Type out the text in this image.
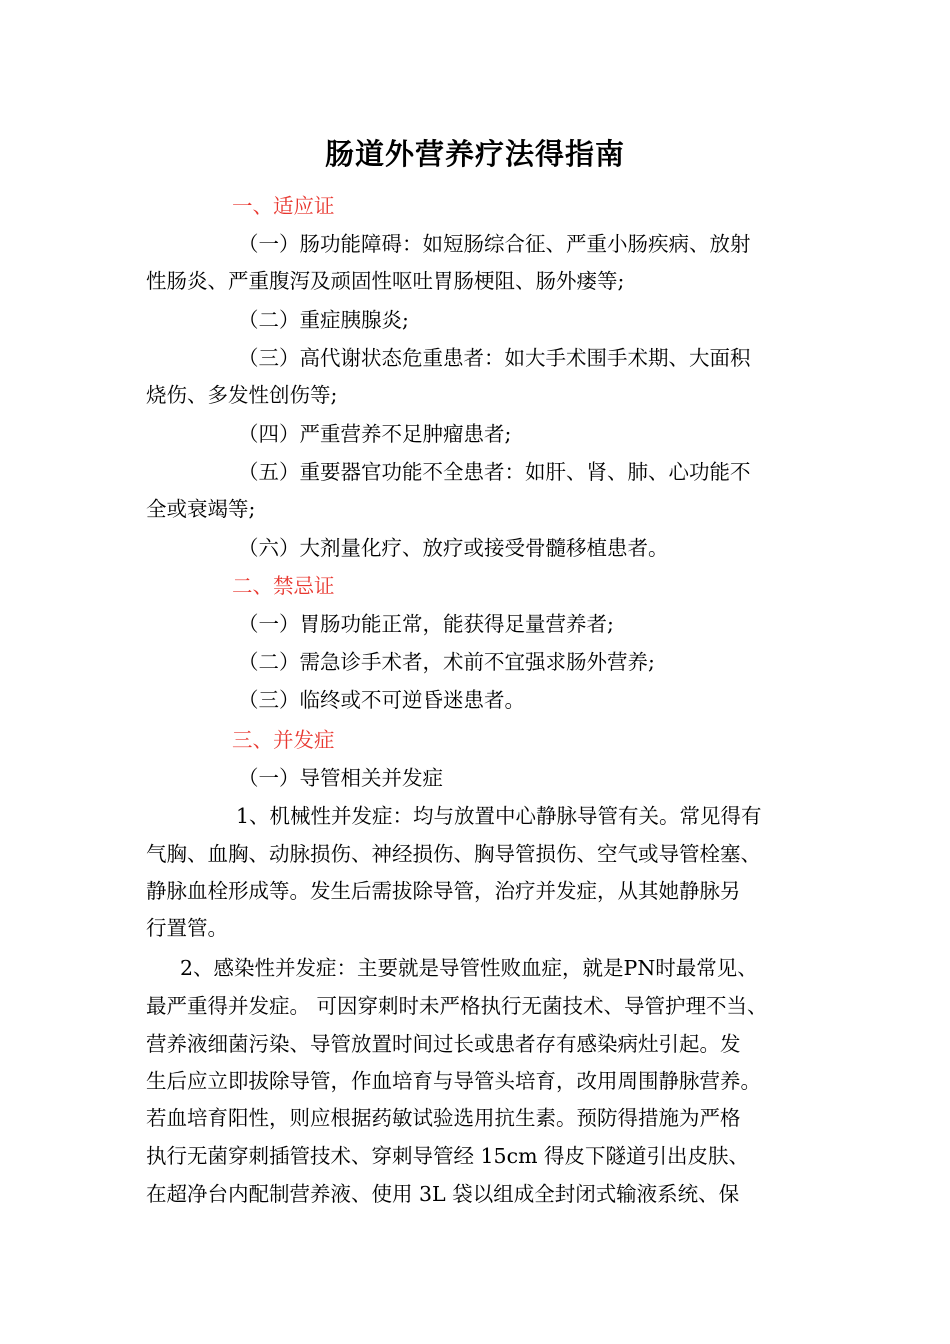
肠道外营养疗法得指南
一、适应证
（一）肠功能障碍：如短肠综合征、严重小肠疾病、放射
性肠炎、严重腹泻及顽固性呕吐胃肠梗阻、肠外瘘等;
（二）重症胰腺炎;
（三）高代谢状态危重患者：如大手术围手术期、大面积
烧伤、多发性创伤等;
（四）严重营养不足肿瘤患者;
（五）重要器官功能不全患者：如肝、肾、肺、心功能不
全或衰竭等;
（六）大剂量化疗、放疗或接受骨髓移植患者。
二、禁忌证
（一）胃肠功能正常，能获得足量营养者;
（二）需急诊手术者，术前不宜强求肠外营养;
（三）临终或不可逆昏迷患者。
三、并发症
（一）导管相关并发症
1、机械性并发症：均与放置中心静脉导管有关。常见得有
气胸、血胸、动脉损伤、神经损伤、胸导管损伤、空气或导管栓塞、
静脉血栓形成等。发生后需拔除导管，治疗并发症，从其她静脉另
行置管。
2、感染性并发症：主要就是导管性败血症，就是PN时最常见、
最严重得并发症。 可因穿刺时未严格执行无菌技术、导管护理不当、
营养液细菌污染、导管放置时间过长或患者存有感染病灶引起。发
生后应立即拔除导管，作血培育与导管头培育，改用周围静脉营养。
若血培育阳性，则应根据药敏试验选用抗生素。预防得措施为严格
执行无菌穿刺插管技术、穿刺导管经 15cm 得皮下隧道引出皮肤、
在超净台内配制营养液、使用 3L 袋以组成全封闭式输液系统、保
